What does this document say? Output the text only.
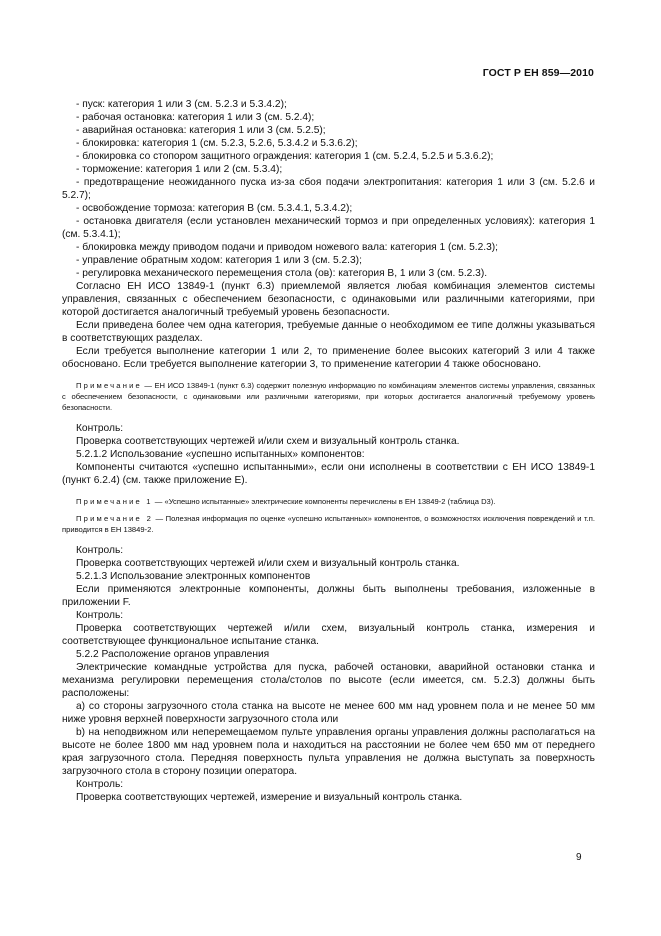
ГОСТ Р ЕН 859—2010

- пуск: категория 1 или 3 (см. 5.2.3 и 5.3.4.2);

- рабочая остановка: категория 1 или 3 (см. 5.2.4);

- аварийная остановка: категория 1 или 3 (см. 5.2.5);

- блокировка: категория 1 (см. 5.2.3, 5.2.6, 5.3.4.2 и 5.3.6.2);

- блокировка со стопором защитного ограждения: категория 1 (см. 5.2.4, 5.2.5 и 5.3.6.2);

- торможение: категория 1 или 2 (см. 5.3.4);

- предотвращение неожиданного пуска из-за сбоя подачи электропитания: категория 1 или 3 (см. 5.2.6 и 5.2.7);

- освобождение тормоза: категория В (см. 5.3.4.1, 5.3.4.2);

- остановка двигателя (если установлен механический тормоз и при определенных условиях): категория 1 (см. 5.3.4.1);

- блокировка между приводом подачи и приводом ножевого вала: категория 1 (см. 5.2.3);

- управление обратным ходом: категория 1 или 3 (см. 5.2.3);

- регулировка механического перемещения стола (ов): категория В, 1 или 3 (см. 5.2.3).

Согласно ЕН ИСО 13849-1 (пункт 6.3) приемлемой является любая комбинация элементов системы управления, связанных с обеспечением безопасности, с одинаковыми или различными категориями, при которой достигается аналогичный требуемый уровень безопасности.

Если приведена более чем одна категория, требуемые данные о необходимом ее типе должны указываться в соответствующих разделах.

Если требуется выполнение категории 1 или 2, то применение более высоких категорий 3 или 4 также обосновано. Если требуется выполнение категории 3, то применение категории 4 также обосновано.

Примечание — ЕН ИСО 13849-1 (пункт 6.3) содержит полезную информацию по комбинациям элементов системы управления, связанных с обеспечением безопасности, с одинаковыми или различными категориями, при которых достигается аналогичный требуемому уровень безопасности.

Контроль:

Проверка соответствующих чертежей и/или схем и визуальный контроль станка.

5.2.1.2 Использование «успешно испытанных» компонентов:

Компоненты считаются «успешно испытанными», если они исполнены в соответствии с ЕН ИСО 13849-1 (пункт 6.2.4) (см. также приложение Е).

Примечание 1 — «Успешно испытанные» электрические компоненты перечислены в ЕН 13849-2 (таблица D3).

Примечание 2 — Полезная информация по оценке «успешно испытанных» компонентов, о возможностях исключения повреждений и т.п. приводится в ЕН 13849-2.

Контроль:

Проверка соответствующих чертежей и/или схем и визуальный контроль станка.

5.2.1.3 Использование электронных компонентов

Если применяются электронные компоненты, должны быть выполнены требования, изложенные в приложении F.

Контроль:

Проверка соответствующих чертежей и/или схем, визуальный контроль станка, измерения и соответствующее функциональное испытание станка.

5.2.2 Расположение органов управления

Электрические командные устройства для пуска, рабочей остановки, аварийной остановки станка и механизма регулировки перемещения стола/столов по высоте (если имеется, см. 5.2.3) должны быть расположены:

а) со стороны загрузочного стола станка на высоте не менее 600 мм над уровнем пола и не менее 50 мм ниже уровня верхней поверхности загрузочного стола или

b) на неподвижном или неперемещаемом пульте управления органы управления должны располагаться на высоте не более 1800 мм над уровнем пола и находиться на расстоянии не более чем 650 мм от переднего края загрузочного стола. Передняя поверхность пульта управления не должна выступать за поверхность загрузочного стола в сторону позиции оператора.

Контроль:

Проверка соответствующих чертежей, измерение и визуальный контроль станка.

9
